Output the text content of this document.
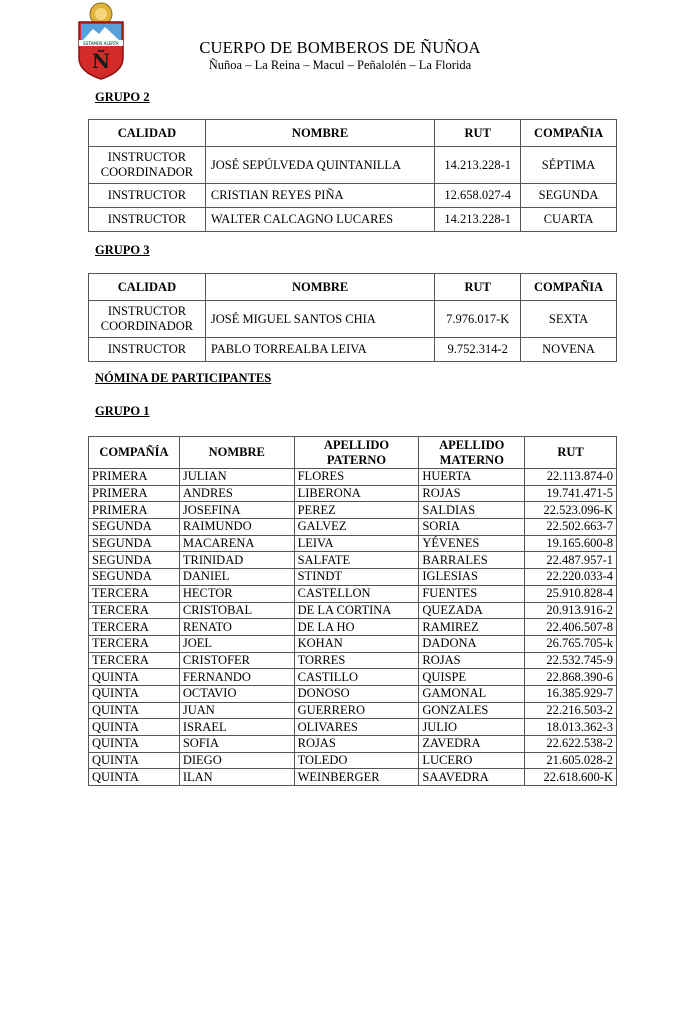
ESTAMOS ALERTA
Ñ
CUERPO DE BOMBEROS DE ÑUÑOA
Ñuñoa – La Reina – Macul – Peñalolén – La Florida
GRUPO 2
CALIDAD	NOMBRE	RUT	COMPAÑIA
INSTRUCTOR COORDINADOR	JOSÉ SEPÚLVEDA QUINTANILLA	14.213.228-1	SÉPTIMA
INSTRUCTOR	CRISTIAN REYES PIÑA	12.658.027-4	SEGUNDA
INSTRUCTOR	WALTER CALCAGNO LUCARES	14.213.228-1	CUARTA
GRUPO 3
CALIDAD	NOMBRE	RUT	COMPAÑIA
INSTRUCTOR COORDINADOR	JOSÉ MIGUEL SANTOS CHIA	7.976.017-K	SEXTA
INSTRUCTOR	PABLO TORREALBA LEIVA	9.752.314-2	NOVENA
NÓMINA DE PARTICIPANTES
GRUPO 1
COMPAÑÍA	NOMBRE	APELLIDO PATERNO	APELLIDO MATERNO	RUT
PRIMERA	JULIAN	FLORES	HUERTA	22.113.874-0
PRIMERA	ANDRES	LIBERONA	ROJAS	19.741.471-5
PRIMERA	JOSEFINA	PEREZ	SALDIAS	22.523.096-K
SEGUNDA	RAIMUNDO	GALVEZ	SORIA	22.502.663-7
SEGUNDA	MACARENA	LEIVA	YÉVENES	19.165.600-8
SEGUNDA	TRINIDAD	SALFATE	BARRALES	22.487.957-1
SEGUNDA	DANIEL	STINDT	IGLESIAS	22.220.033-4
TERCERA	HECTOR	CASTELLON	FUENTES	25.910.828-4
TERCERA	CRISTOBAL	DE LA CORTINA	QUEZADA	20.913.916-2
TERCERA	RENATO	DE LA HO	RAMIREZ	22.406.507-8
TERCERA	JOEL	KOHAN	DADONA	26.765.705-k
TERCERA	CRISTOFER	TORRES	ROJAS	22.532.745-9
QUINTA	FERNANDO	CASTILLO	QUISPE	22.868.390-6
QUINTA	OCTAVIO	DONOSO	GAMONAL	16.385.929-7
QUINTA	JUAN	GUERRERO	GONZALES	22.216.503-2
QUINTA	ISRAEL	OLIVARES	JULIO	18.013.362-3
QUINTA	SOFIA	ROJAS	ZAVEDRA	22.622.538-2
QUINTA	DIEGO	TOLEDO	LUCERO	21.605.028-2
QUINTA	ILAN	WEINBERGER	SAAVEDRA	22.618.600-K
